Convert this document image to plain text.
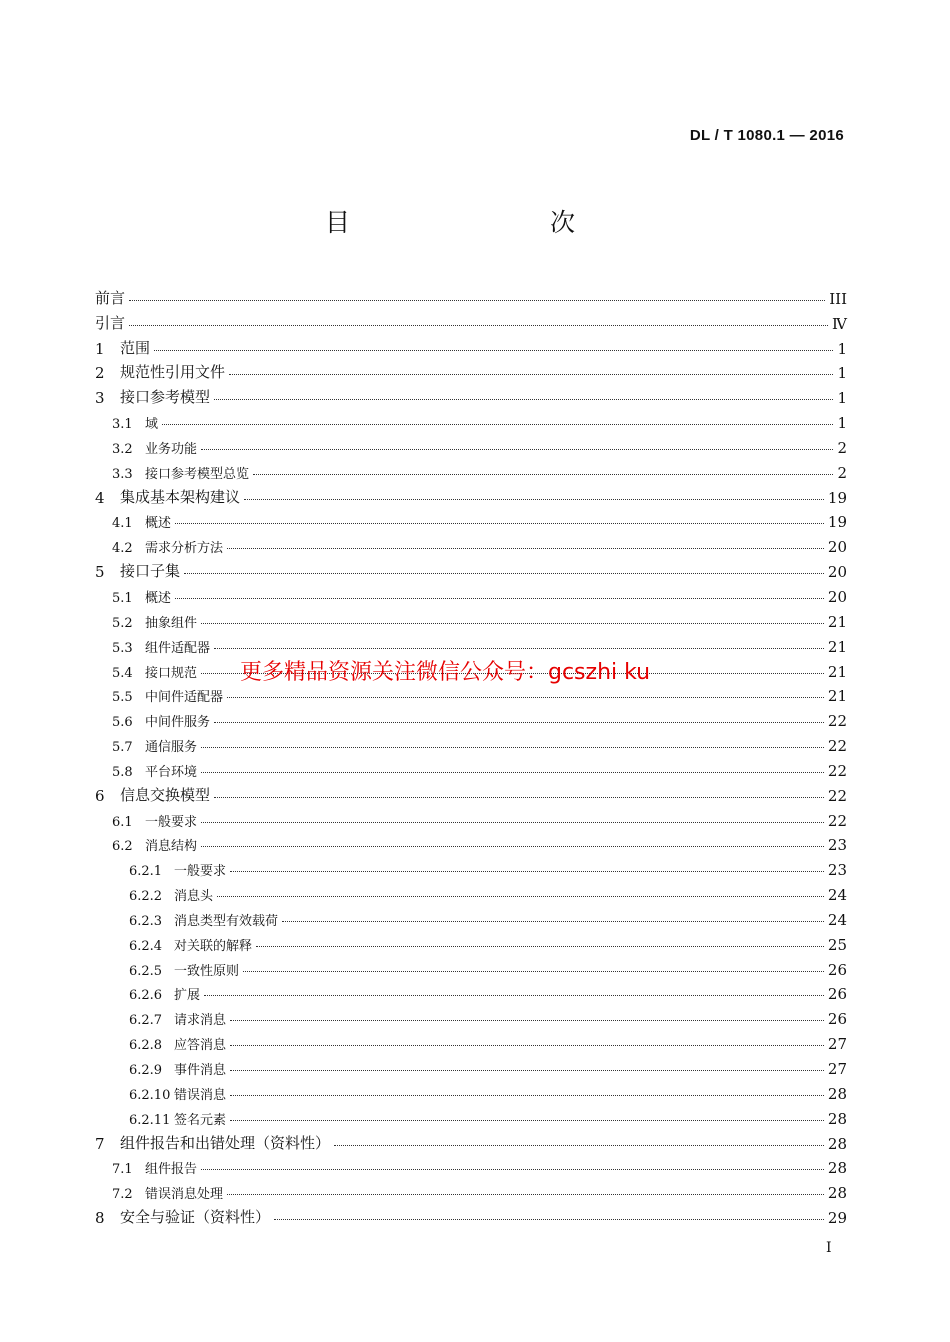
DL / T 1080.1 — 2016
目　　次
前言	III
引言	Ⅳ
1	范围	1
2	规范性引用文件	1
3	接口参考模型	1
3.1 域	1
3.2 业务功能	2
3.3 接口参考模型总览	2
4	集成基本架构建议	19
4.1 概述	19
4.2 需求分析方法	20
5	接口子集	20
5.1 概述	20
5.2 抽象组件	21
5.3 组件适配器	21
5.4 接口规范	21
5.5 中间件适配器	21
5.6 中间件服务	22
5.7 通信服务	22
5.8 平台环境	22
6	信息交换模型	22
6.1 一般要求	22
6.2 消息结构	23
6.2.1 一般要求	23
6.2.2 消息头	24
6.2.3 消息类型有效载荷	24
6.2.4 对关联的解释	25
6.2.5 一致性原则	26
6.2.6 扩展	26
6.2.7 请求消息	26
6.2.8 应答消息	27
6.2.9 事件消息	27
6.2.10 错误消息	28
6.2.11 签名元素	28
7	组件报告和出错处理（资料性）	28
7.1 组件报告	28
7.2 错误消息处理	28
8	安全与验证（资料性）	29
更多精品资源关注微信公众号：gcszhi ku
I
